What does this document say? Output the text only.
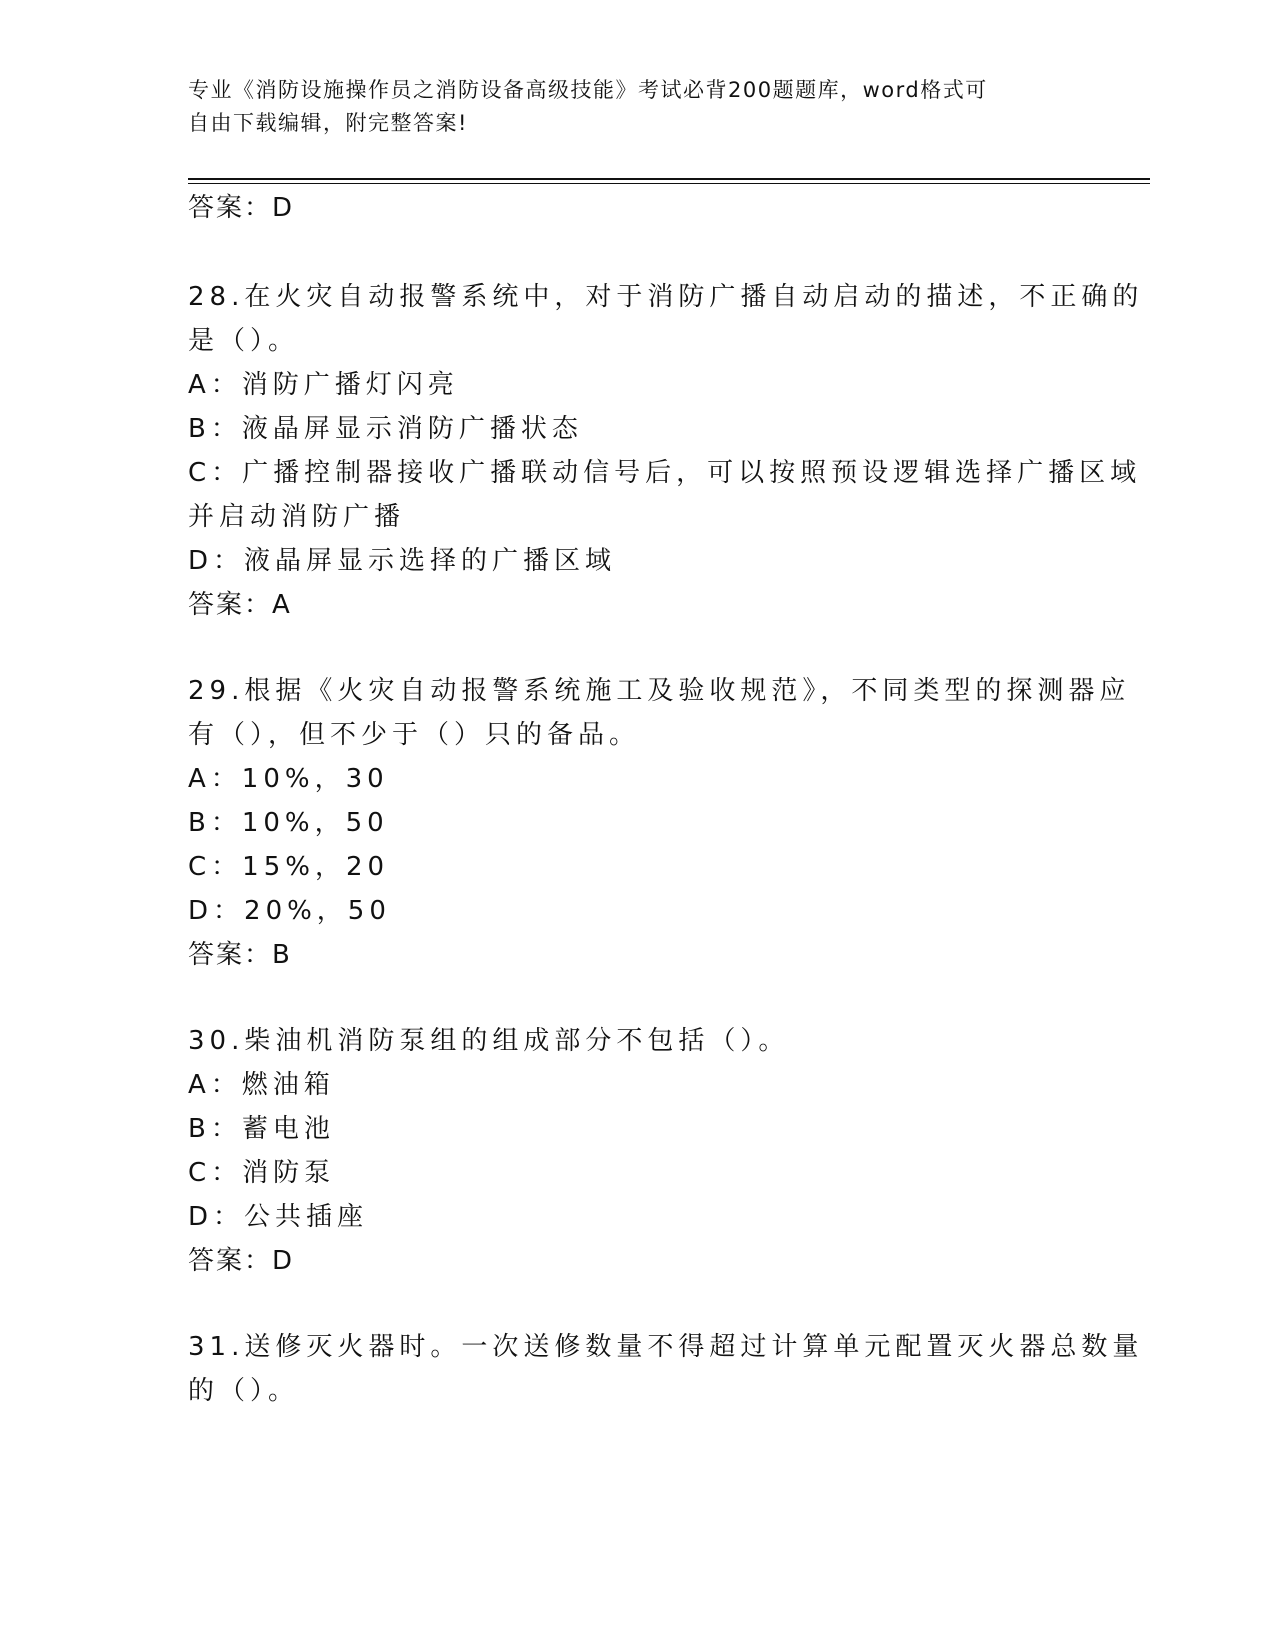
专业《消防设施操作员之消防设备高级技能》考试必背200题题库，word格式可
自由下载编辑，附完整答案!
答案：D
28.在火灾自动报警系统中，对于消防广播自动启动的描述，不正确的
是（）。
A：消防广播灯闪亮
B：液晶屏显示消防广播状态
C：广播控制器接收广播联动信号后，可以按照预设逻辑选择广播区域
并启动消防广播
D：液晶屏显示选择的广播区域
答案：A
29.根据《火灾自动报警系统施工及验收规范》，不同类型的探测器应
有（），但不少于（）只的备品。
A：10%，30
B：10%，50
C：15%，20
D：20%，50
答案：B
30.柴油机消防泵组的组成部分不包括（）。
A：燃油箱
B：蓄电池
C：消防泵
D：公共插座
答案：D
31.送修灭火器时。一次送修数量不得超过计算单元配置灭火器总数量
的（）。
